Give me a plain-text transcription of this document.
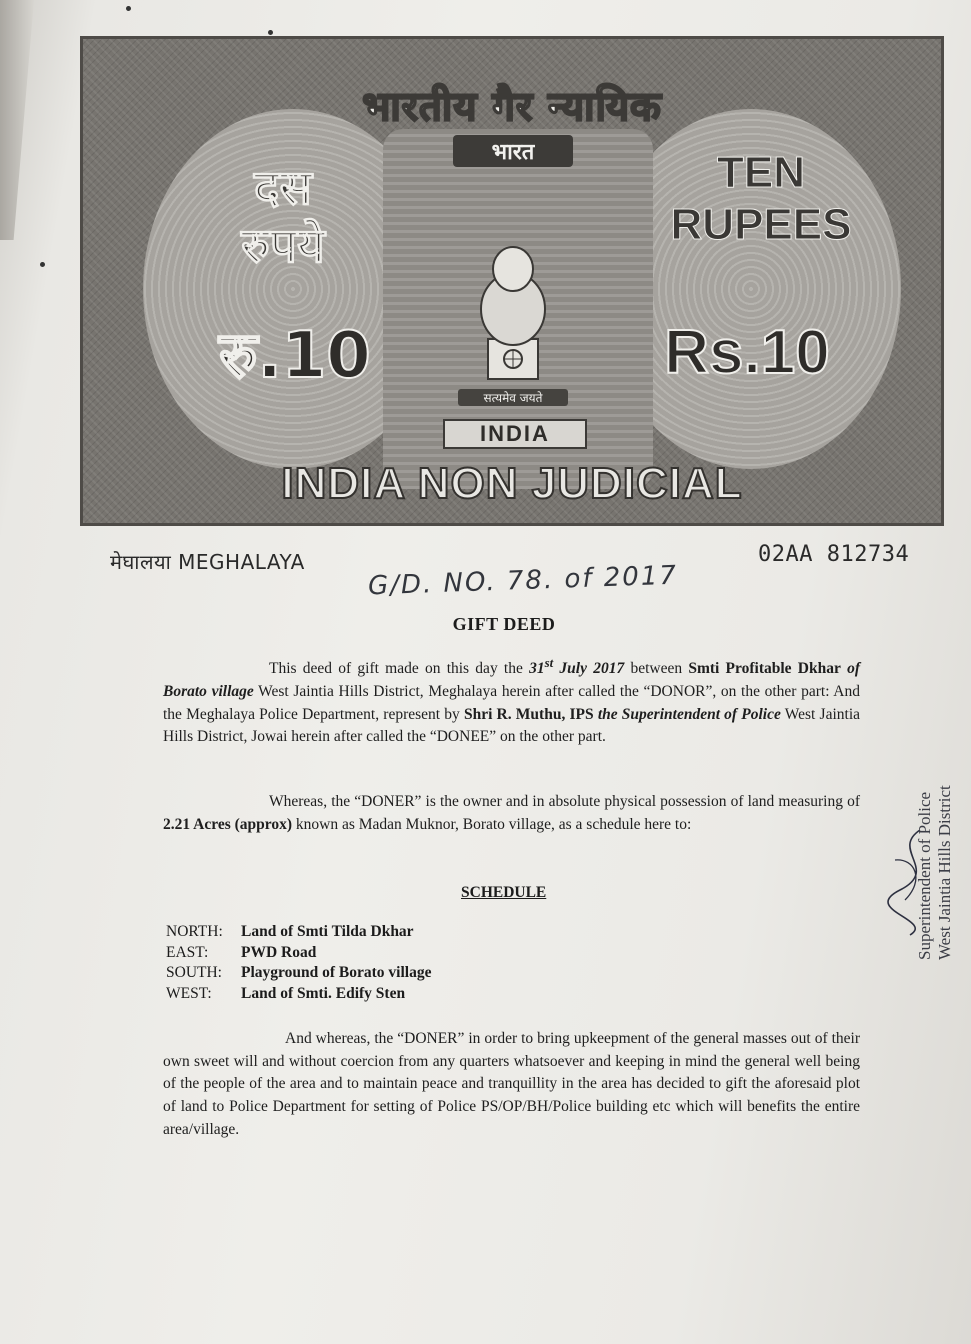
भारतीय गैर न्यायिक
भारत
दस
रुपये
रु.10
TEN
RUPEES
Rs.10
सत्यमेव जयते
INDIA
INDIA NON JUDICIAL
मेघालया MEGHALAYA	02AA 812734
G/D. NO. 78. of 2017
GIFT DEED
This deed of gift made on this day the 31st July 2017 between Smti Profitable Dkhar of Borato village West Jaintia Hills District, Meghalaya herein after called the “DONOR”, on the other part: And the Meghalaya Police Department, represent by Shri R. Muthu, IPS the Superintendent of Police West Jaintia Hills District, Jowai herein after called the “DONEE” on the other part.
Whereas, the “DONER” is the owner and in absolute physical possession of land measuring of 2.21 Acres (approx) known as Madan Muknor, Borato village, as a schedule here to:
SCHEDULE
NORTH:	Land of Smti Tilda Dkhar
EAST:	PWD Road
SOUTH:	Playground of Borato village
WEST:	Land of Smti. Edify Sten
And whereas, the “DONER” in order to bring upkeepment of the general masses out of their own sweet will and without coercion from any quarters whatsoever and keeping in mind the general well being of the people of the area and to maintain peace and tranquillity in the area has decided to gift the aforesaid plot of land to Police Department for setting of Police PS/OP/BH/Police building etc which will benefits the entire area/village.
Superintendent of Police West Jaintia Hills District
